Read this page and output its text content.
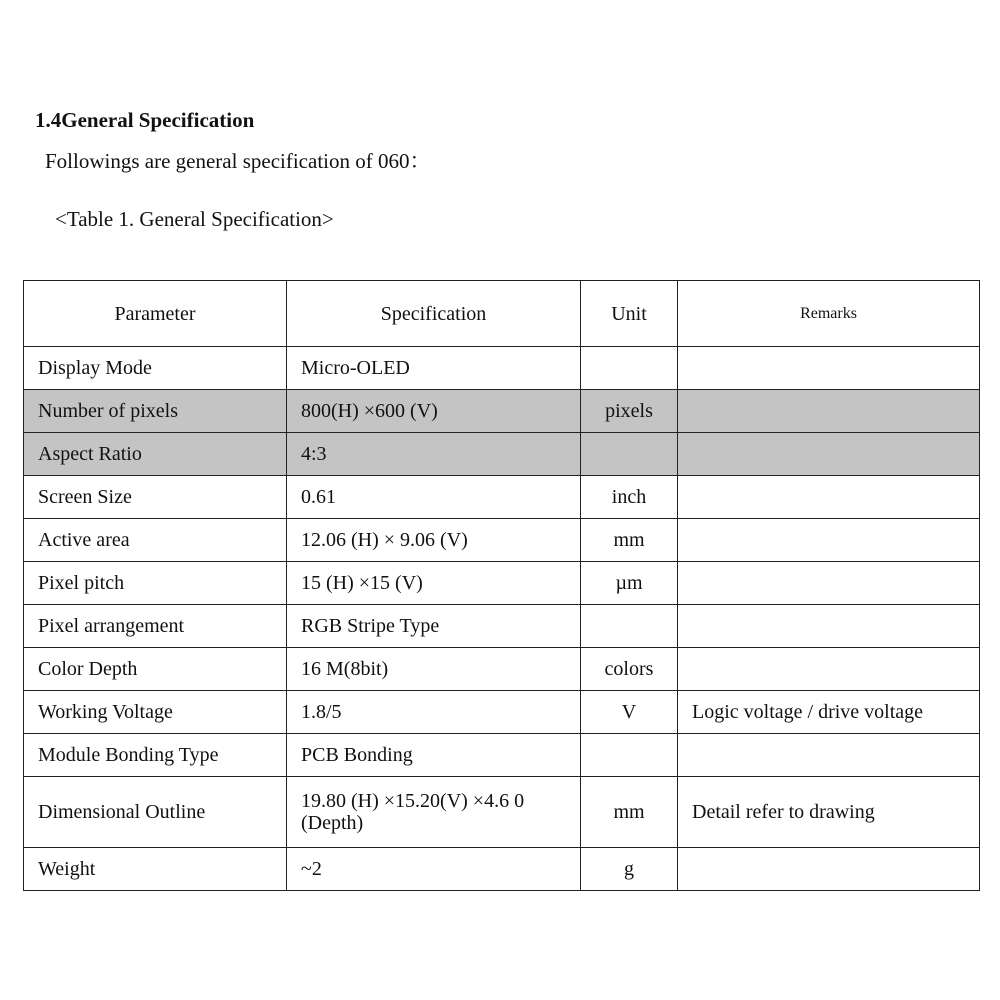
1.4General Specification
Followings are general specification of 060：
<Table 1. General Specification>
Parameter	Specification	Unit	Remarks
Display Mode	Micro-OLED		
Number of pixels	800(H) ×600 (V)	pixels	
Aspect Ratio	4:3		
Screen Size	0.61	inch	
Active area	12.06 (H) × 9.06 (V)	mm	
Pixel pitch	15 (H) ×15 (V)	µm	
Pixel arrangement	RGB Stripe Type		
Color Depth	16 M(8bit)	colors	
Working Voltage	1.8/5	V	Logic voltage / drive voltage
Module Bonding Type	PCB Bonding		
Dimensional Outline	19.80 (H) ×15.20(V) ×4.6 0 (Depth)	mm	Detail refer to drawing
Weight	~2	g	
